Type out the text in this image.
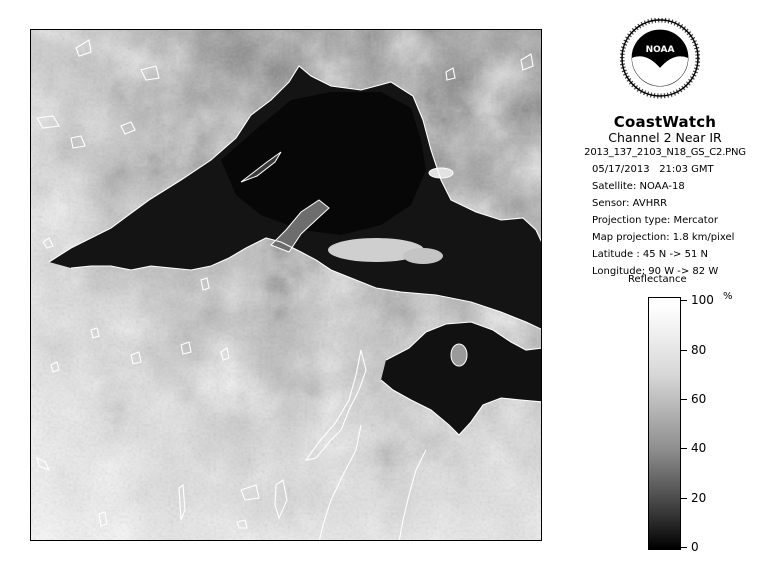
NOAA
CoastWatch
Channel 2 Near IR
2013_137_2103_N18_GS_C2.PNG
05/17/2013 21:03 GMT
Satellite: NOAA-18
Sensor: AVHRR
Projection type: Mercator
Map projection: 1.8 km/pixel
Latitude : 45 N -> 51 N
Longitude: 90 W -> 82 W
Reflectance
%
100
80
60
40
20
0
